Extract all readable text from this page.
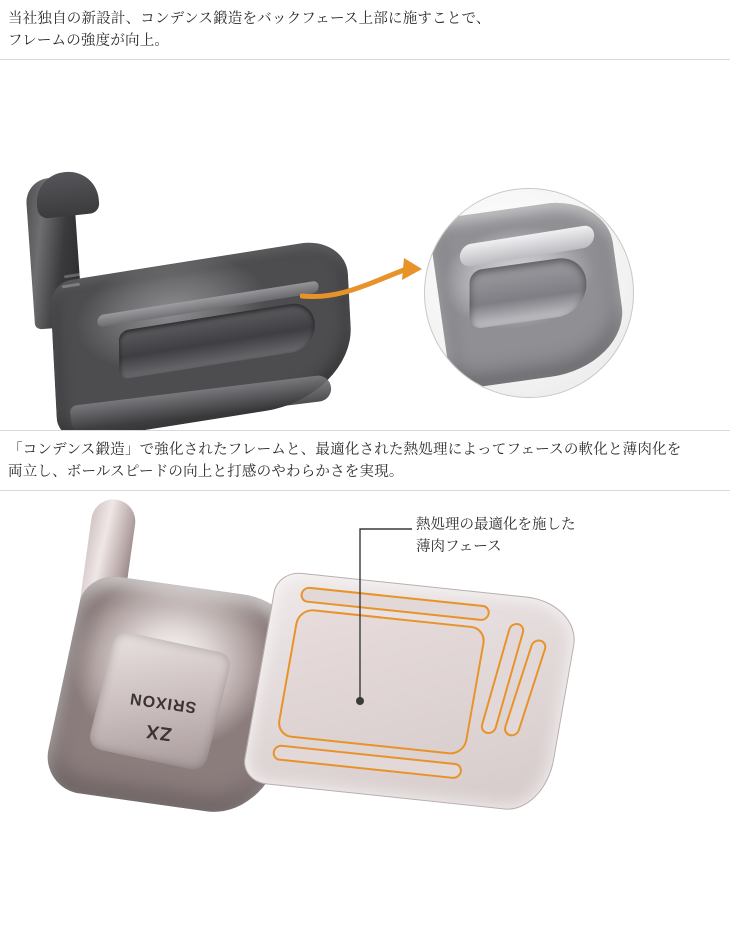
当社独自の新設計、コンデンス鍛造をバックフェース上部に施すことで、
フレームの強度が向上。
「コンデンス鍛造」で強化されたフレームと、最適化された熱処理によってフェースの軟化と薄肉化を
両立し、ボールスピードの向上と打感のやわらかさを実現。
ZX
SRIXON
熱処理の最適化を施した
薄肉フェース
